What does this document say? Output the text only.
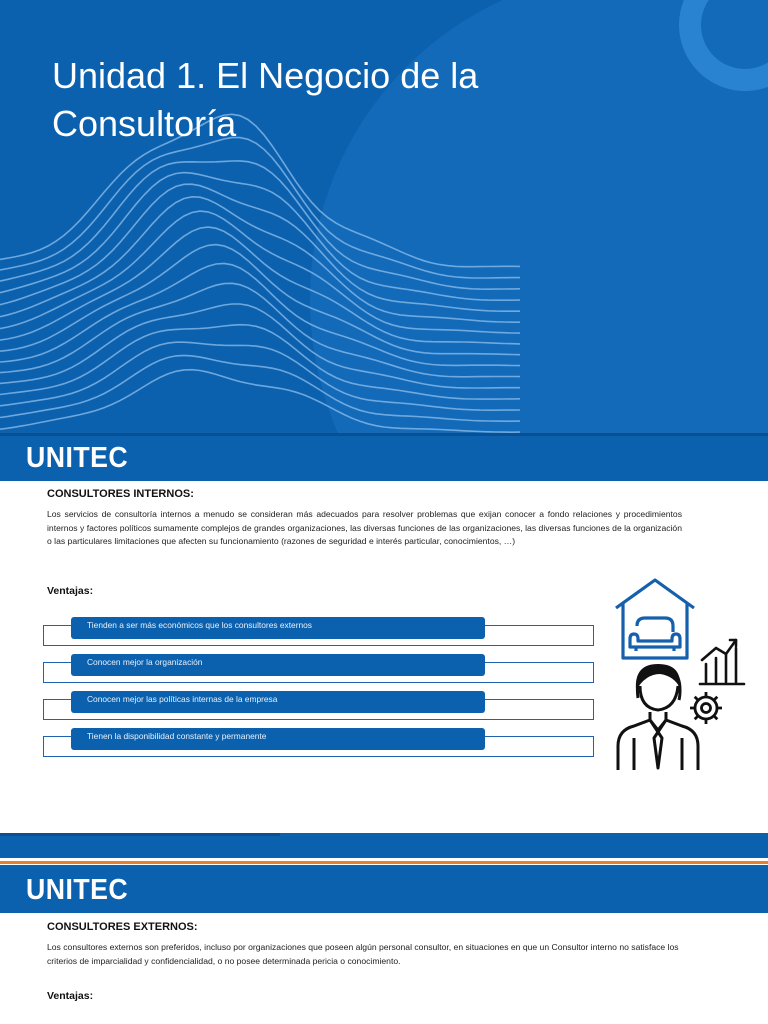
Unidad 1. El Negocio de la Consultoría
UNITEC
CONSULTORES INTERNOS:

Los servicios de consultoría internos a menudo se consideran más adecuados para resolver problemas que exijan conocer a fondo relaciones y procedimientos internos y factores políticos sumamente complejos de grandes organizaciones, las diversas funciones de las organizaciones, las diversas funciones de la organización o las particulares limitaciones que afecten su funcionamiento (razones de seguridad e interés particular, conocimientos, …)

Ventajas:
Tienden a ser más económicos que los consultores externos
Conocen mejor la organización
Conocen mejor las políticas internas de la empresa
Tienen la disponibilidad constante y permanente
UNITEC
CONSULTORES EXTERNOS:

Los consultores externos son preferidos, incluso por organizaciones que poseen algún personal consultor, en situaciones en que un Consultor interno no satisface los criterios de imparcialidad y confidencialidad, o no posee determinada pericia o conocimiento.

Ventajas:
